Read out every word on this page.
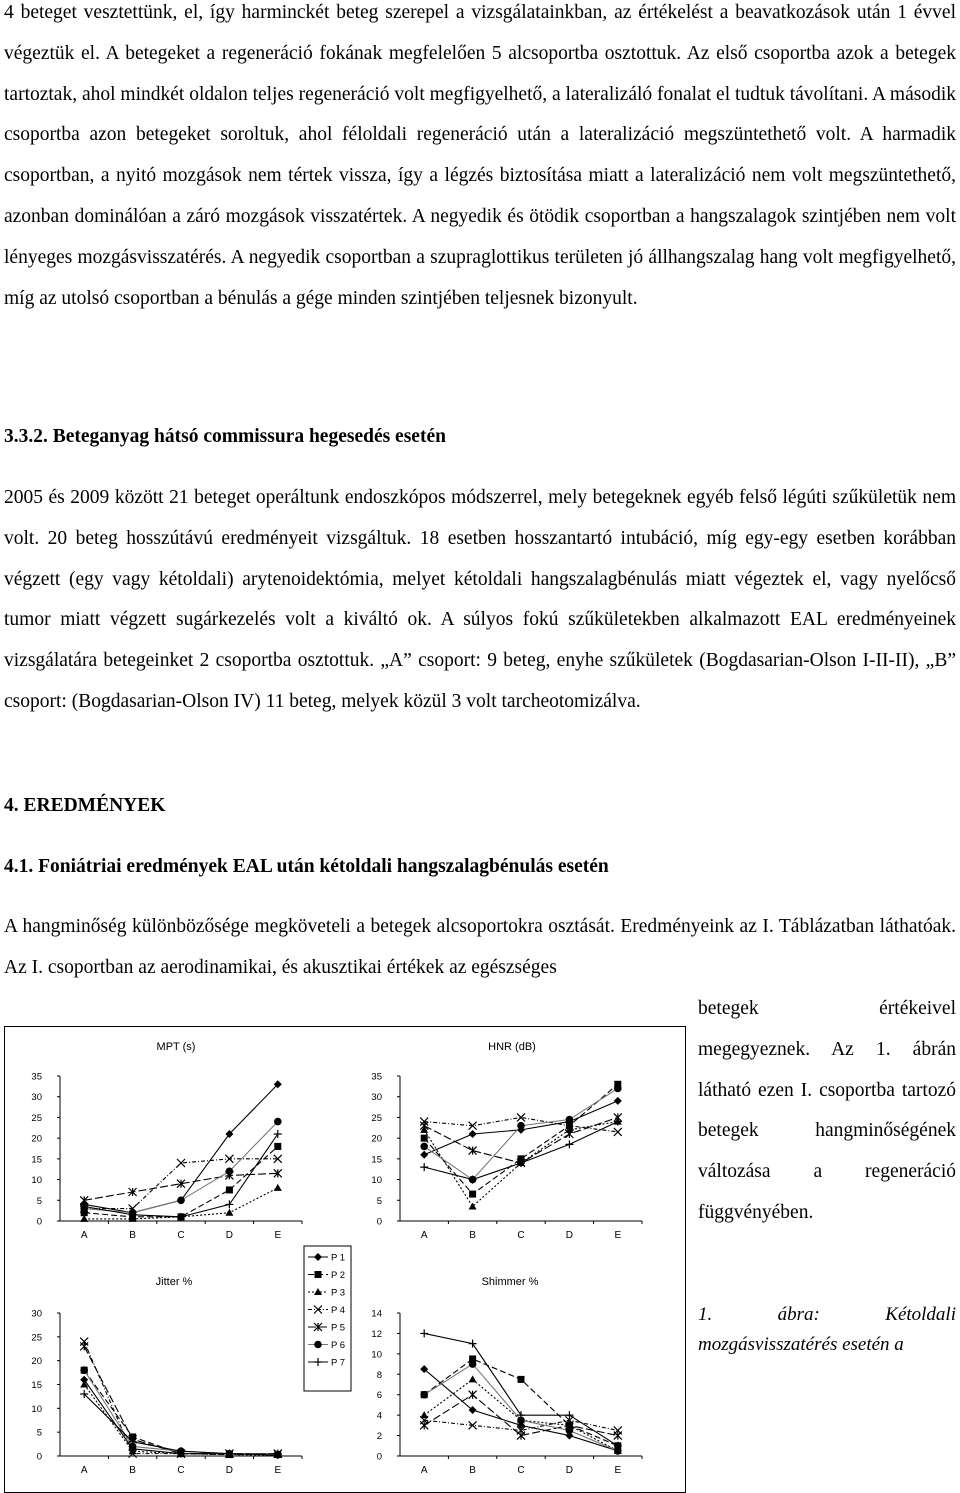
4 beteget vesztettünk, el, így harminckét beteg szerepel a vizsgálatainkban, az értékelést a beavatkozások után 1 évvel végeztük el. A betegeket a regeneráció fokának megfelelően 5 alcsoportba osztottuk. Az első csoportba azok a betegek tartoztak, ahol mindkét oldalon teljes regeneráció volt megfigyelhető, a lateralizáló fonalat el tudtuk távolítani. A második csoportba azon betegeket soroltuk, ahol féloldali regeneráció után a lateralizáció megszüntethető volt. A harmadik csoportban, a nyitó mozgások nem tértek vissza, így a légzés biztosítása miatt a lateralizáció nem volt megszüntethető, azonban dominálóan a záró mozgások visszatértek. A negyedik és ötödik csoportban a hangszalagok szintjében nem volt lényeges mozgásvisszatérés. A negyedik csoportban a szupraglottikus területen jó állhangszalag hang volt megfigyelhető, míg az utolsó csoportban a bénulás a gége minden szintjében teljesnek bizonyult.

3.3.2. Beteganyag hátsó commissura hegesedés esetén

2005 és 2009 között 21 beteget operáltunk endoszkópos módszerrel, mely betegeknek egyéb felső légúti szűkületük nem volt. 20 beteg hosszútávú eredményeit vizsgáltuk. 18 esetben hosszantartó intubáció, míg egy-egy esetben korábban végzett (egy vagy kétoldali) arytenoidektómia, melyet kétoldali hangszalagbénulás miatt végeztek el, vagy nyelőcső tumor miatt végzett sugárkezelés volt a kiváltó ok. A súlyos fokú szűkületekben alkalmazott EAL eredményeinek vizsgálatára betegeinket 2 csoportba osztottuk. „A” csoport: 9 beteg, enyhe szűkületek (Bogdasarian-Olson I-II-II), „B” csoport: (Bogdasarian-Olson IV) 11 beteg, melyek közül 3 volt tarcheotomizálva.

4. EREDMÉNYEK

4.1. Foniátriai eredmények EAL után kétoldali hangszalagbénulás esetén

A hangminőség különbözősége megköveteli a betegek alcsoportokra osztását. Eredményeink az I. Táblázatban láthatóak. Az I. csoportban az aerodinamikai, és akusztikai értékek az egészséges

betegek értékeivel megegyeznek. Az 1. ábrán látható ezen I. csoportba tartozó betegek hangminőségének változása a regeneráció függvényében.

1. ábra: Kétoldali mozgásvisszatérés esetén a

P 1
P 2
P 3
P 4
P 5
P 6
P 7
MPT (s)
0
5
10
15
20
25
30
35
A	B	C	D	E
HNR (dB)
0
5
10
15
20
25
30
35
A	B	C	D	E
Jitter %
0
5
10
15
20
25
30
A	B	C	D	E
Shimmer %
0
2
4
6
8
10
12
14
A	B	C	D	E
